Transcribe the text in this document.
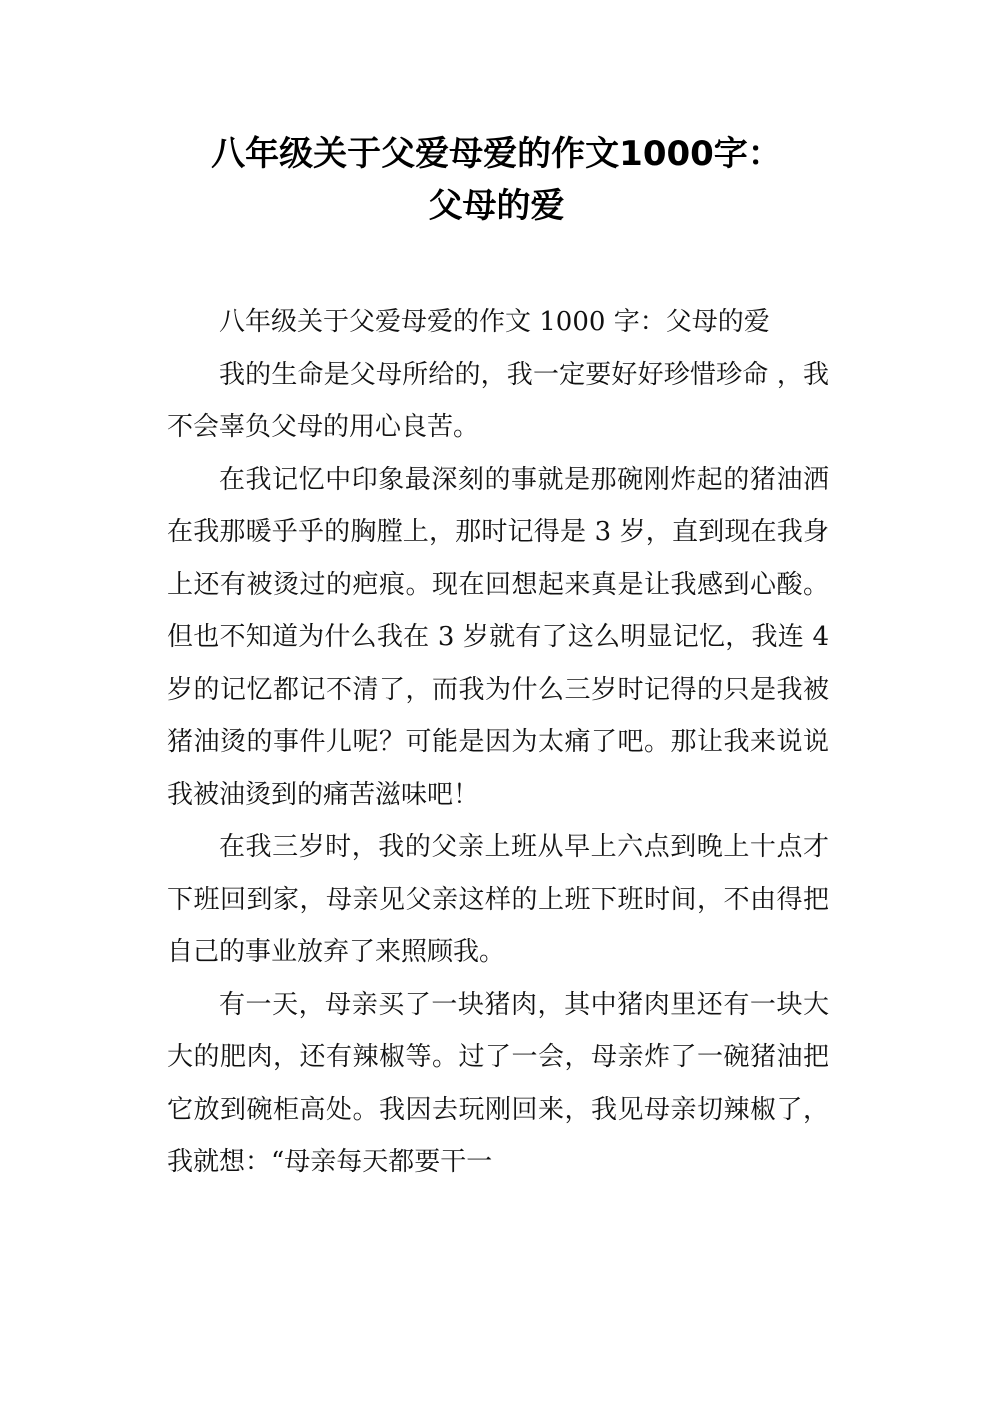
八年级关于父爱母爱的作文1000字：
父母的爱

八年级关于父爱母爱的作文 1000 字：父母的爱

我的生命是父母所给的，我一定要好好珍惜珍命 ，我不会辜负父母的用心良苦。

在我记忆中印象最深刻的事就是那碗刚炸起的猪油洒在我那暖乎乎的胸膛上，那时记得是 3 岁，直到现在我身上还有被烫过的疤痕。现在回想起来真是让我感到心酸。但也不知道为什么我在 3 岁就有了这么明显记忆，我连 4 岁的记忆都记不清了，而我为什么三岁时记得的只是我被猪油烫的事件儿呢？可能是因为太痛了吧。那让我来说说我被油烫到的痛苦滋味吧！

在我三岁时，我的父亲上班从早上六点到晚上十点才下班回到家，母亲见父亲这样的上班下班时间，不由得把自己的事业放弃了来照顾我。

有一天，母亲买了一块猪肉，其中猪肉里还有一块大大的肥肉，还有辣椒等。过了一会，母亲炸了一碗猪油把它放到碗柜高处。我因去玩刚回来，我见母亲切辣椒了，我就想：“母亲每天都要干一
